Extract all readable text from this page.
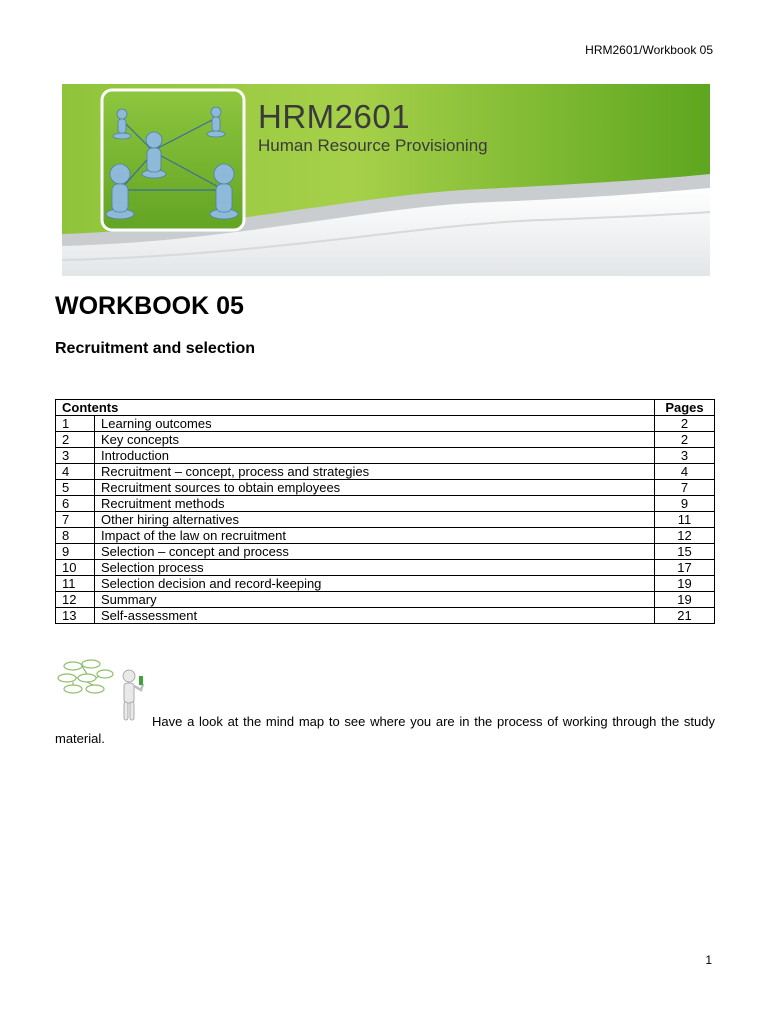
HRM2601/Workbook 05
HRM2601
Human Resource Provisioning
WORKBOOK 05
Recruitment and selection
Contents		Pages
1	Learning outcomes	2
2	Key concepts	2
3	Introduction	3
4	Recruitment – concept, process and strategies	4
5	Recruitment sources to obtain employees	7
6	Recruitment methods	9
7	Other hiring alternatives	11
8	Impact of the law on recruitment	12
9	Selection – concept and process	15
10	Selection process	17
11	Selection decision and record-keeping	19
12	Summary	19
13	Self-assessment	21
Have a look at the mind map to see where you are in the process of working through the study material.
1
